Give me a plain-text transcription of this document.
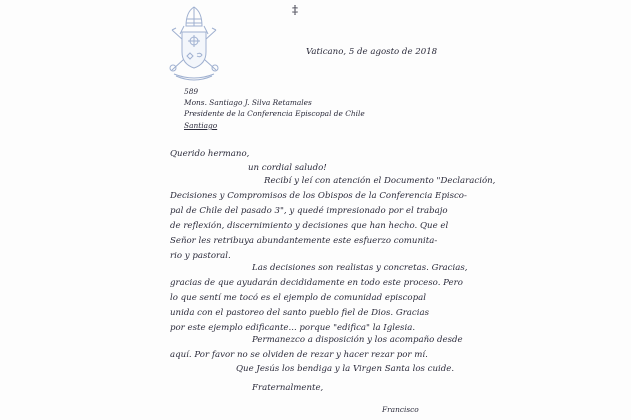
‡
Vaticano, 5 de agosto de 2018
589
Mons. Santiago J. Silva Retamales
Presidente de la Conferencia Episcopal de Chile
Santiago
Querido hermano,
un cordial saludo!
Recibí y leí con atención el Documento "Declaración,
Decisiones y Compromisos de los Obispos de la Conferencia Episco-
pal de Chile del pasado 3", y quedé impresionado por el trabajo
de reflexión, discernimiento y decisiones que han hecho. Que el
Señor les retribuya abundantemente este esfuerzo comunita-
rio y pastoral.
Las decisiones son realistas y concretas. Gracias,
gracias de que ayudarán decididamente en todo este proceso. Pero
lo que sentí me tocó es el ejemplo de comunidad episcopal
unida con el pastoreo del santo pueblo fiel de Dios. Gracias
por este ejemplo edificante... porque "edifica" la Iglesia.
Permanezco a disposición y los acompaño desde
aquí. Por favor no se olviden de rezar y hacer rezar por mí.
Que Jesús los bendiga y la Virgen Santa los cuide.
Fraternalmente,
Francisco
